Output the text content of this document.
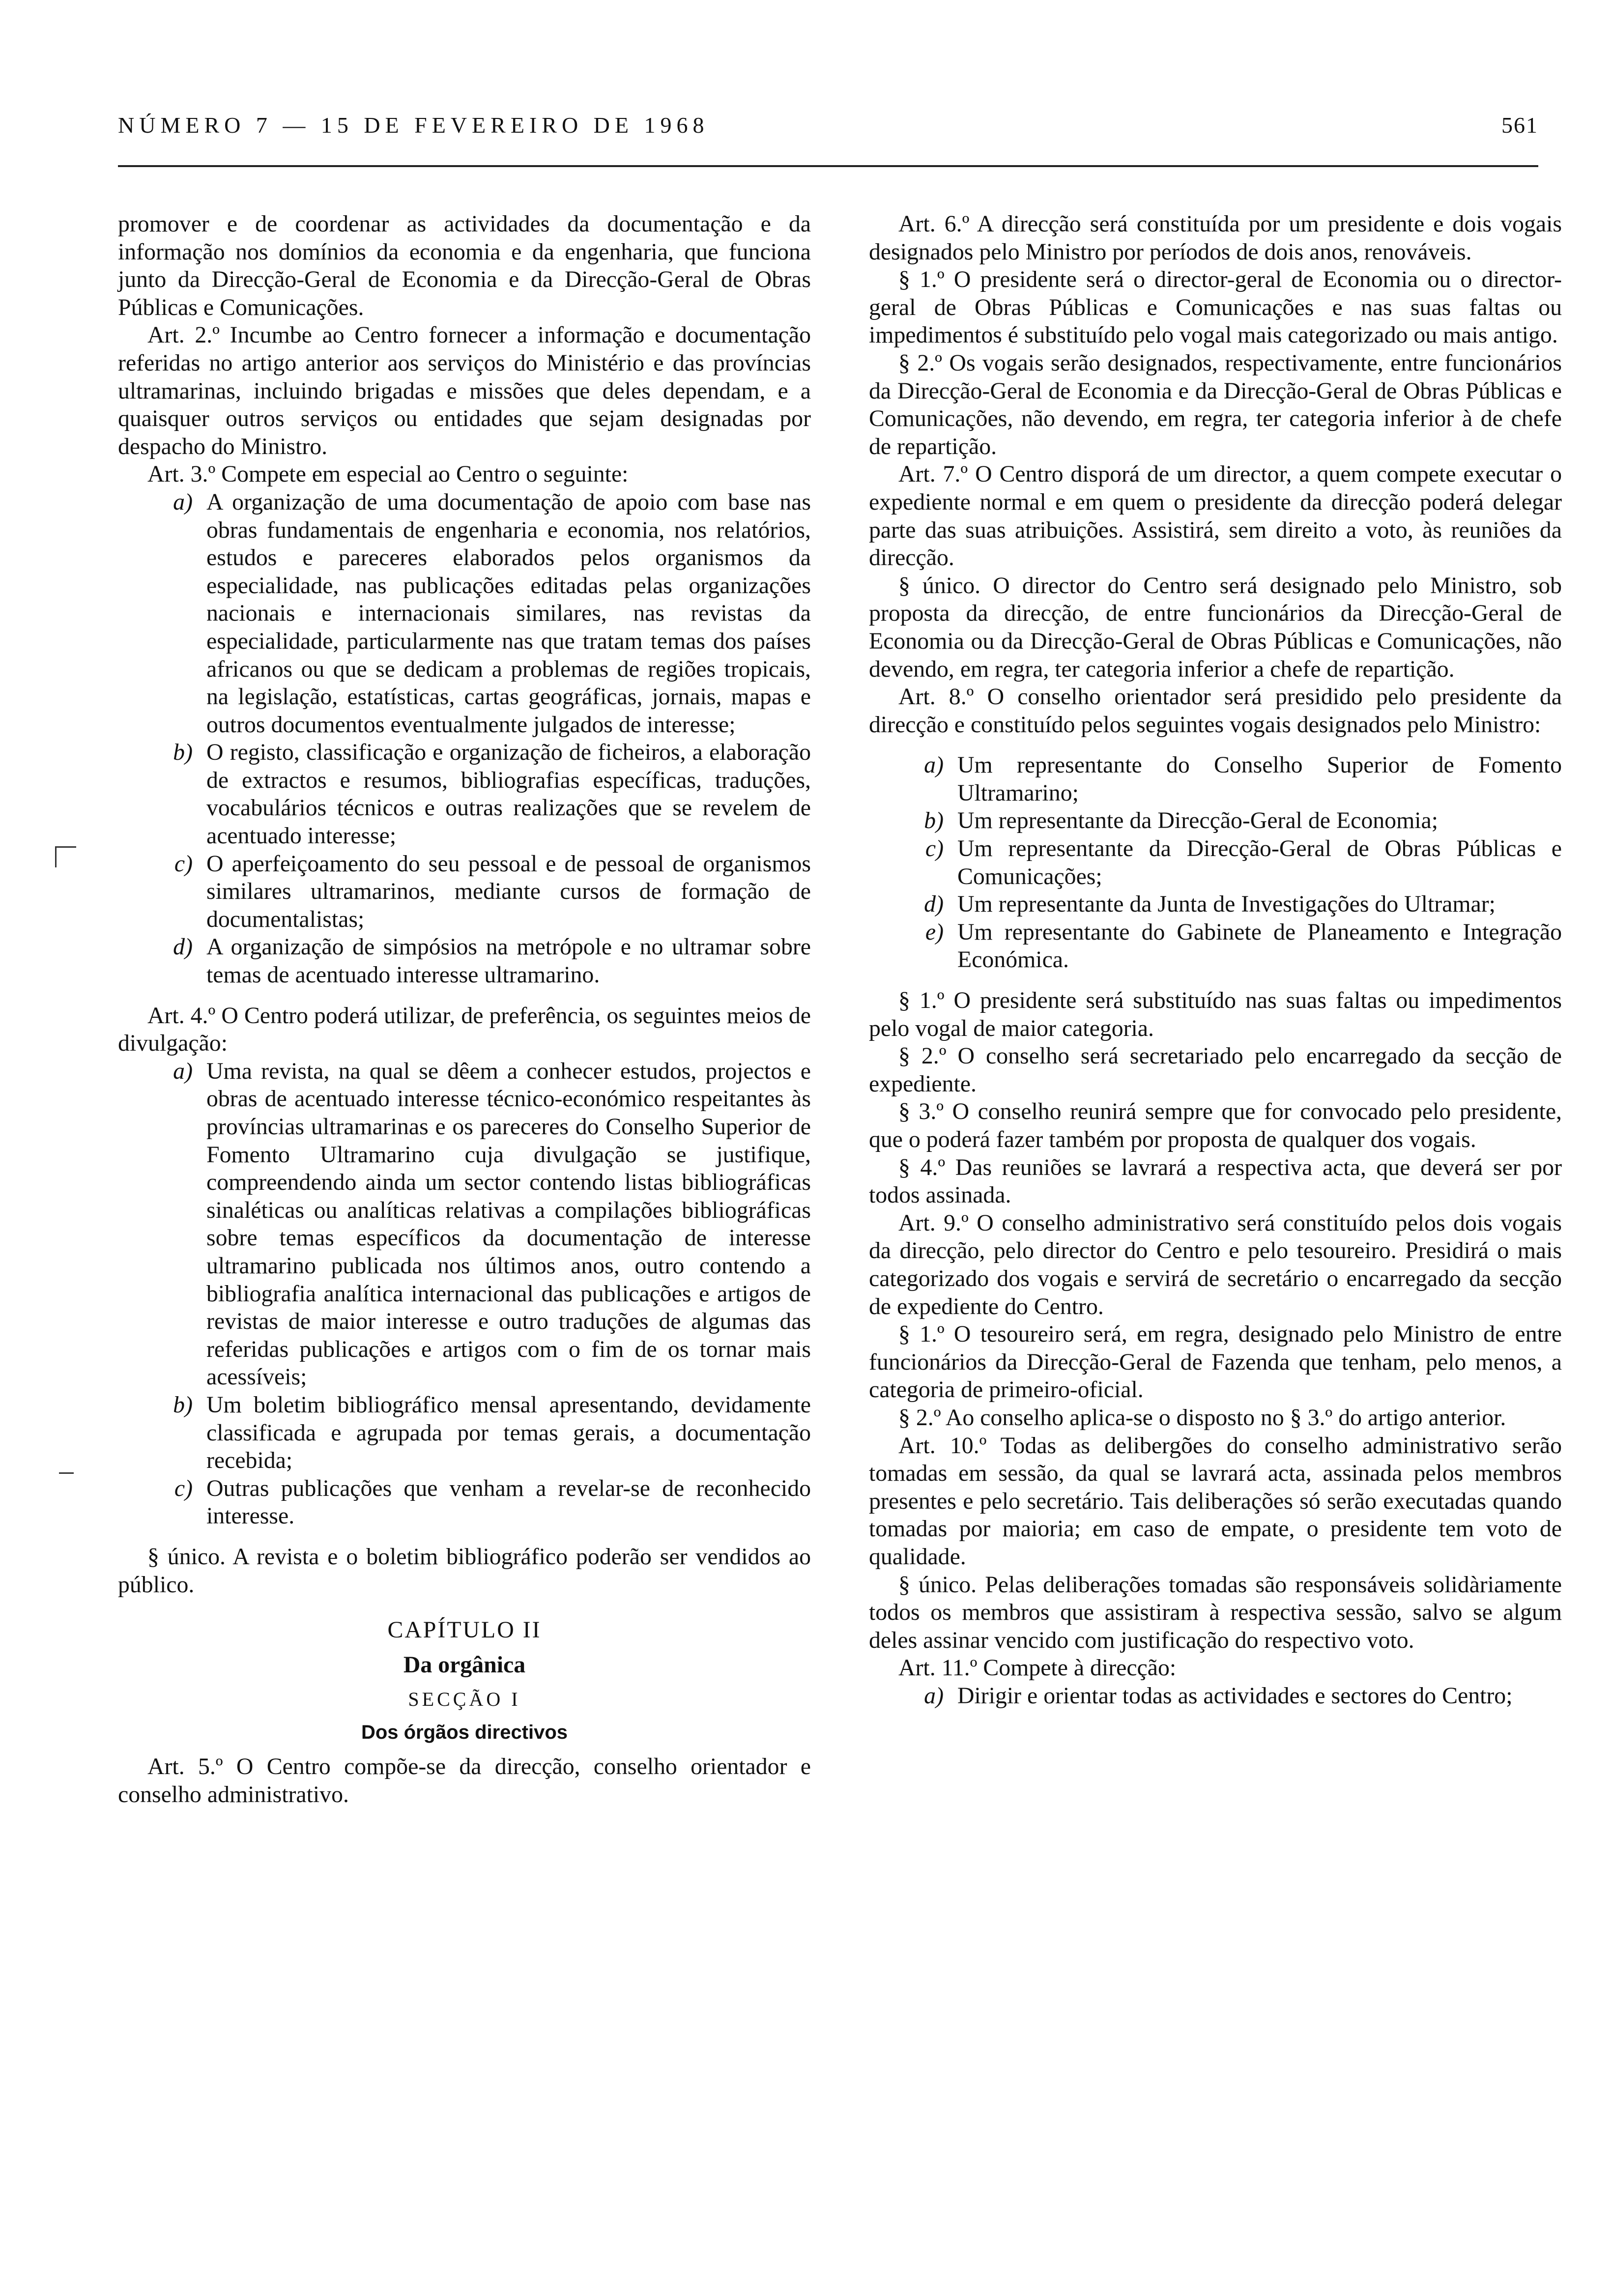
NÚMERO 7 — 15 DE FEVEREIRO DE 1968	561

promover e de coordenar as actividades da documentação e da informação nos domínios da economia e da engenharia, que funciona junto da Direcção-Geral de Economia e da Direcção-Geral de Obras Públicas e Comunicações.

Art. 2.º Incumbe ao Centro fornecer a informação e documentação referidas no artigo anterior aos serviços do Ministério e das províncias ultramarinas, incluindo brigadas e missões que deles dependam, e a quaisquer outros serviços ou entidades que sejam designadas por despacho do Ministro.

Art. 3.º Compete em especial ao Centro o seguinte:

a) A organização de uma documentação de apoio com base nas obras fundamentais de engenharia e economia, nos relatórios, estudos e pareceres elaborados pelos organismos da especialidade, nas publicações editadas pelas organizações nacionais e internacionais similares, nas revistas da especialidade, particularmente nas que tratam temas dos países africanos ou que se dedicam a problemas de regiões tropicais, na legislação, estatísticas, cartas geográficas, jornais, mapas e outros documentos eventualmente julgados de interesse;

b) O registo, classificação e organização de ficheiros, a elaboração de extractos e resumos, bibliografias específicas, traduções, vocabulários técnicos e outras realizações que se revelem de acentuado interesse;

c) O aperfeiçoamento do seu pessoal e de pessoal de organismos similares ultramarinos, mediante cursos de formação de documentalistas;

d) A organização de simpósios na metrópole e no ultramar sobre temas de acentuado interesse ultramarino.

Art. 4.º O Centro poderá utilizar, de preferência, os seguintes meios de divulgação:

a) Uma revista, na qual se dêem a conhecer estudos, projectos e obras de acentuado interesse técnico-económico respeitantes às províncias ultramarinas e os pareceres do Conselho Superior de Fomento Ultramarino cuja divulgação se justifique, compreendendo ainda um sector contendo listas bibliográficas sinaléticas ou analíticas relativas a compilações bibliográficas sobre temas específicos da documentação de interesse ultramarino publicada nos últimos anos, outro contendo a bibliografia analítica internacional das publicações e artigos de revistas de maior interesse e outro traduções de algumas das referidas publicações e artigos com o fim de os tornar mais acessíveis;

b) Um boletim bibliográfico mensal apresentando, devidamente classificada e agrupada por temas gerais, a documentação recebida;

c) Outras publicações que venham a revelar-se de reconhecido interesse.

§ único. A revista e o boletim bibliográfico poderão ser vendidos ao público.

CAPÍTULO II

Da orgânica

SECÇÃO I

Dos órgãos directivos

Art. 5.º O Centro compõe-se da direcção, conselho orientador e conselho administrativo.

Art. 6.º A direcção será constituída por um presidente e dois vogais designados pelo Ministro por períodos de dois anos, renováveis.

§ 1.º O presidente será o director-geral de Economia ou o director-geral de Obras Públicas e Comunicações e nas suas faltas ou impedimentos é substituído pelo vogal mais categorizado ou mais antigo.

§ 2.º Os vogais serão designados, respectivamente, entre funcionários da Direcção-Geral de Economia e da Direcção-Geral de Obras Públicas e Comunicações, não devendo, em regra, ter categoria inferior à de chefe de repartição.

Art. 7.º O Centro disporá de um director, a quem compete executar o expediente normal e em quem o presidente da direcção poderá delegar parte das suas atribuições. Assistirá, sem direito a voto, às reuniões da direcção.

§ único. O director do Centro será designado pelo Ministro, sob proposta da direcção, de entre funcionários da Direcção-Geral de Economia ou da Direcção-Geral de Obras Públicas e Comunicações, não devendo, em regra, ter categoria inferior a chefe de repartição.

Art. 8.º O conselho orientador será presidido pelo presidente da direcção e constituído pelos seguintes vogais designados pelo Ministro:

a) Um representante do Conselho Superior de Fomento Ultramarino;

b) Um representante da Direcção-Geral de Economia;

c) Um representante da Direcção-Geral de Obras Públicas e Comunicações;

d) Um representante da Junta de Investigações do Ultramar;

e) Um representante do Gabinete de Planeamento e Integração Económica.

§ 1.º O presidente será substituído nas suas faltas ou impedimentos pelo vogal de maior categoria.

§ 2.º O conselho será secretariado pelo encarregado da secção de expediente.

§ 3.º O conselho reunirá sempre que for convocado pelo presidente, que o poderá fazer também por proposta de qualquer dos vogais.

§ 4.º Das reuniões se lavrará a respectiva acta, que deverá ser por todos assinada.

Art. 9.º O conselho administrativo será constituído pelos dois vogais da direcção, pelo director do Centro e pelo tesoureiro. Presidirá o mais categorizado dos vogais e servirá de secretário o encarregado da secção de expediente do Centro.

§ 1.º O tesoureiro será, em regra, designado pelo Ministro de entre funcionários da Direcção-Geral de Fazenda que tenham, pelo menos, a categoria de primeiro-oficial.

§ 2.º Ao conselho aplica-se o disposto no § 3.º do artigo anterior.

Art. 10.º Todas as delibergões do conselho administrativo serão tomadas em sessão, da qual se lavrará acta, assinada pelos membros presentes e pelo secretário. Tais deliberações só serão executadas quando tomadas por maioria; em caso de empate, o presidente tem voto de qualidade.

§ único. Pelas deliberações tomadas são responsáveis solidàriamente todos os membros que assistiram à respectiva sessão, salvo se algum deles assinar vencido com justificação do respectivo voto.

Art. 11.º Compete à direcção:

a) Dirigir e orientar todas as actividades e sectores do Centro;
